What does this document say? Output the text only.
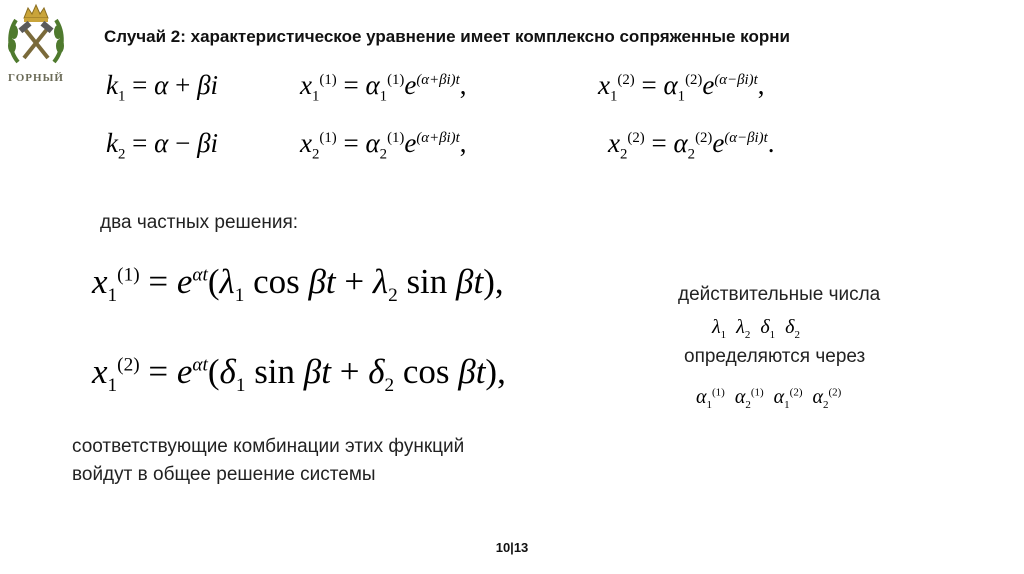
ГОРНЫЙ
Случай 2: характеристическое уравнение имеет комплексно сопряженные корни
$k_1 = \alpha + \beta i$	$x_1^{(1)} = \alpha_1^{(1)}e^{(\alpha+\beta i)t}$,	$x_1^{(2)} = \alpha_1^{(2)}e^{(\alpha-\beta i)t}$,
$k_2 = \alpha - \beta i$	$x_2^{(1)} = \alpha_2^{(1)}e^{(\alpha+\beta i)t}$,	$x_2^{(2)} = \alpha_2^{(2)}e^{(\alpha-\beta i)t}$.
два частных решения:
$x_1^{(1)} = e^{\alpha t}(\lambda_1$ $\cos \beta t + \lambda_2$ sin βt),
$x_1^{(2)} = e^{\alpha t}(\delta_1$ $\sin \beta t + \delta_2$ cos βt),
действительные числа
$\lambda_1$  $\lambda_2$  $\delta_1$  $\delta_2$
определяются через
$\alpha_1^{(1)}$  $\alpha_2^{(1)}$  $\alpha_1^{(2)}$  $\alpha_2^{(2)}$
соответствующие комбинации этих функций
войдут в общее решение системы
10|13
